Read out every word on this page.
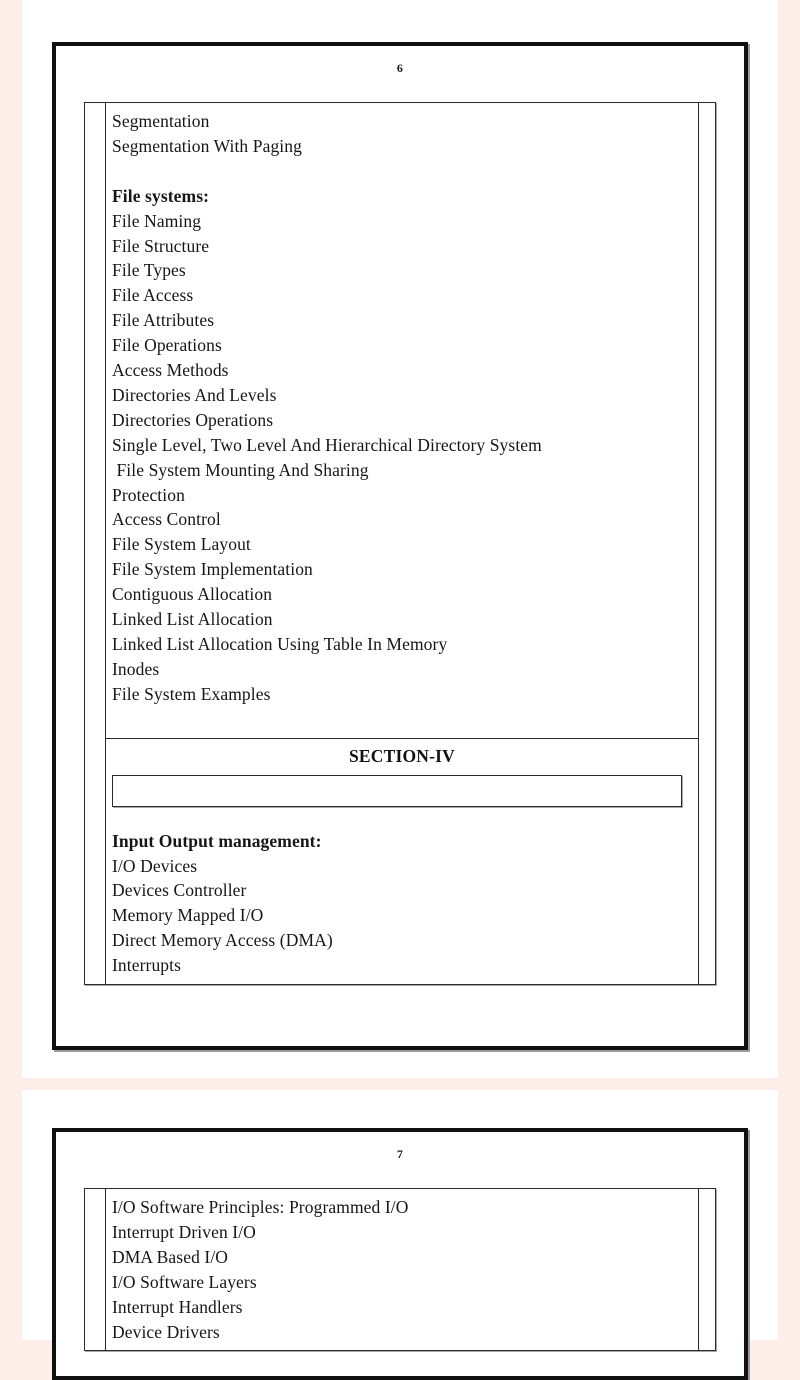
6
Segmentation
Segmentation With Paging
File systems:
File Naming
File Structure
File Types
File Access
File Attributes
File Operations
Access Methods
Directories And Levels
Directories Operations
Single Level, Two Level And Hierarchical Directory System
File System Mounting And Sharing
Protection
Access Control
File System Layout
File System Implementation
Contiguous Allocation
Linked List Allocation
Linked List Allocation Using Table In Memory
Inodes
File System Examples
SECTION-IV
Input Output management:
I/O Devices
Devices Controller
Memory Mapped I/O
Direct Memory Access (DMA)
Interrupts
7
I/O Software Principles: Programmed I/O
Interrupt Driven I/O
DMA Based I/O
I/O Software Layers
Interrupt Handlers
Device Drivers
